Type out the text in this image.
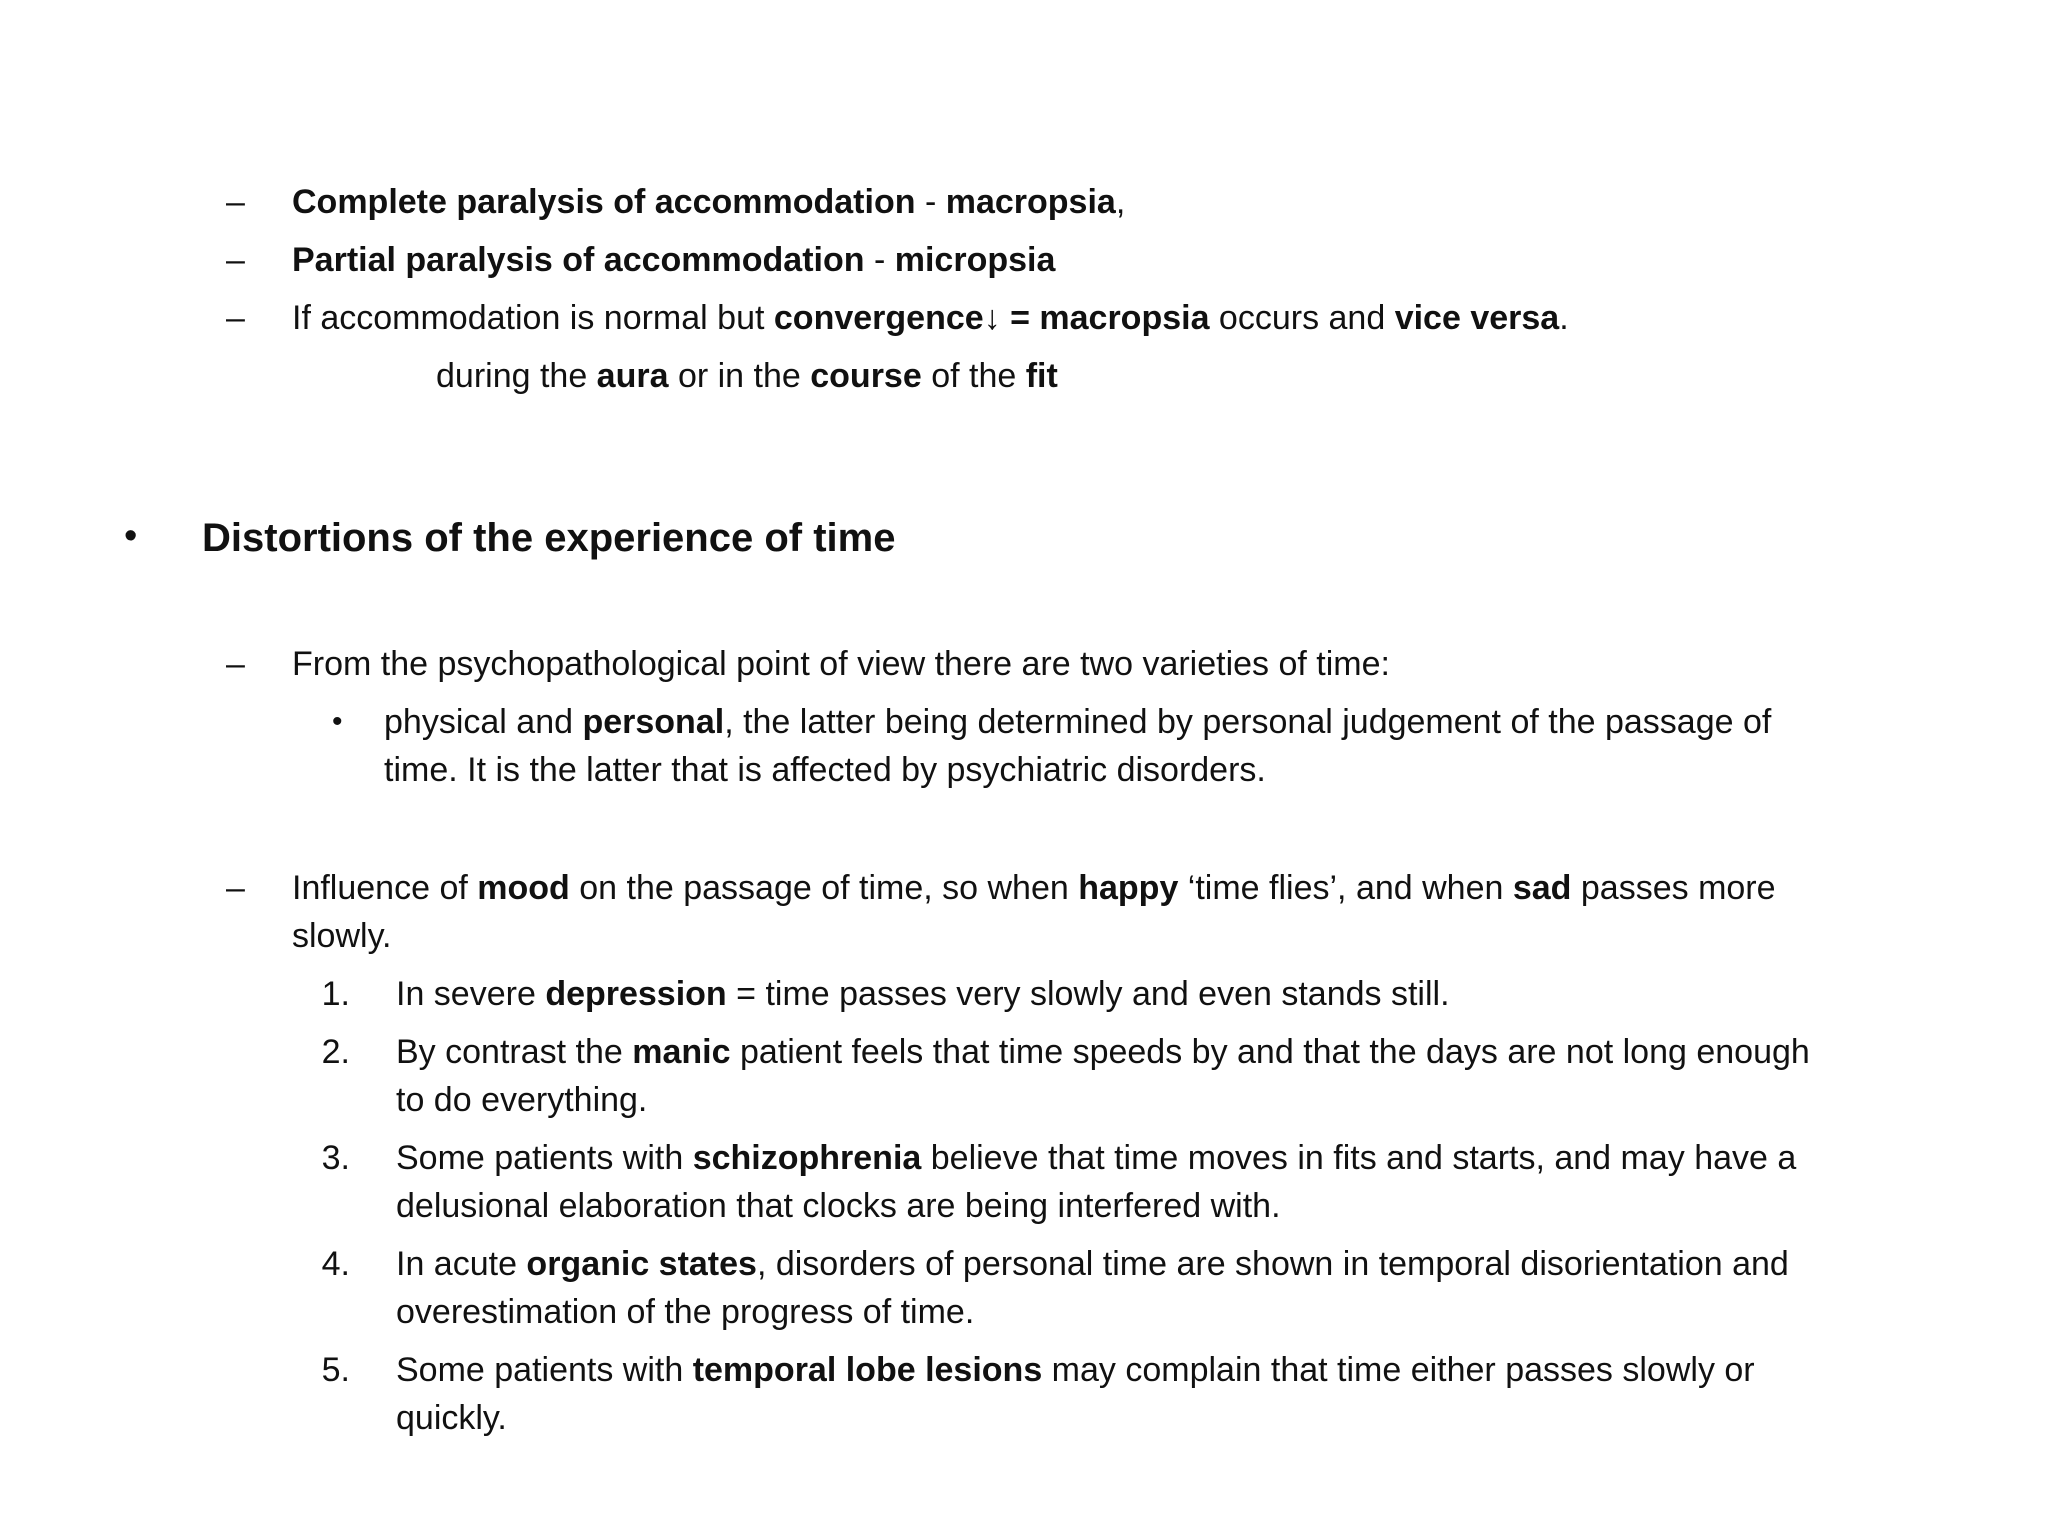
– Complete paralysis of accommodation - macropsia,
– Partial paralysis of accommodation - micropsia
– If accommodation is normal but convergence↓ = macropsia occurs and vice versa.
during the aura or in the course of the fit
• Distortions of the experience of time
– From the psychopathological point of view there are two varieties of time:
• physical and personal, the latter being determined by personal judgement of the passage of
time. It is the latter that is affected by psychiatric disorders.
– Influence of mood on the passage of time, so when happy ‘time flies’, and when sad passes more
slowly.
1. In severe depression = time passes very slowly and even stands still.
2. By contrast the manic patient feels that time speeds by and that the days are not long enough
to do everything.
3. Some patients with schizophrenia believe that time moves in fits and starts, and may have a
delusional elaboration that clocks are being interfered with.
4. In acute organic states, disorders of personal time are shown in temporal disorientation and
overestimation of the progress of time.
5. Some patients with temporal lobe lesions may complain that time either passes slowly or
quickly.
